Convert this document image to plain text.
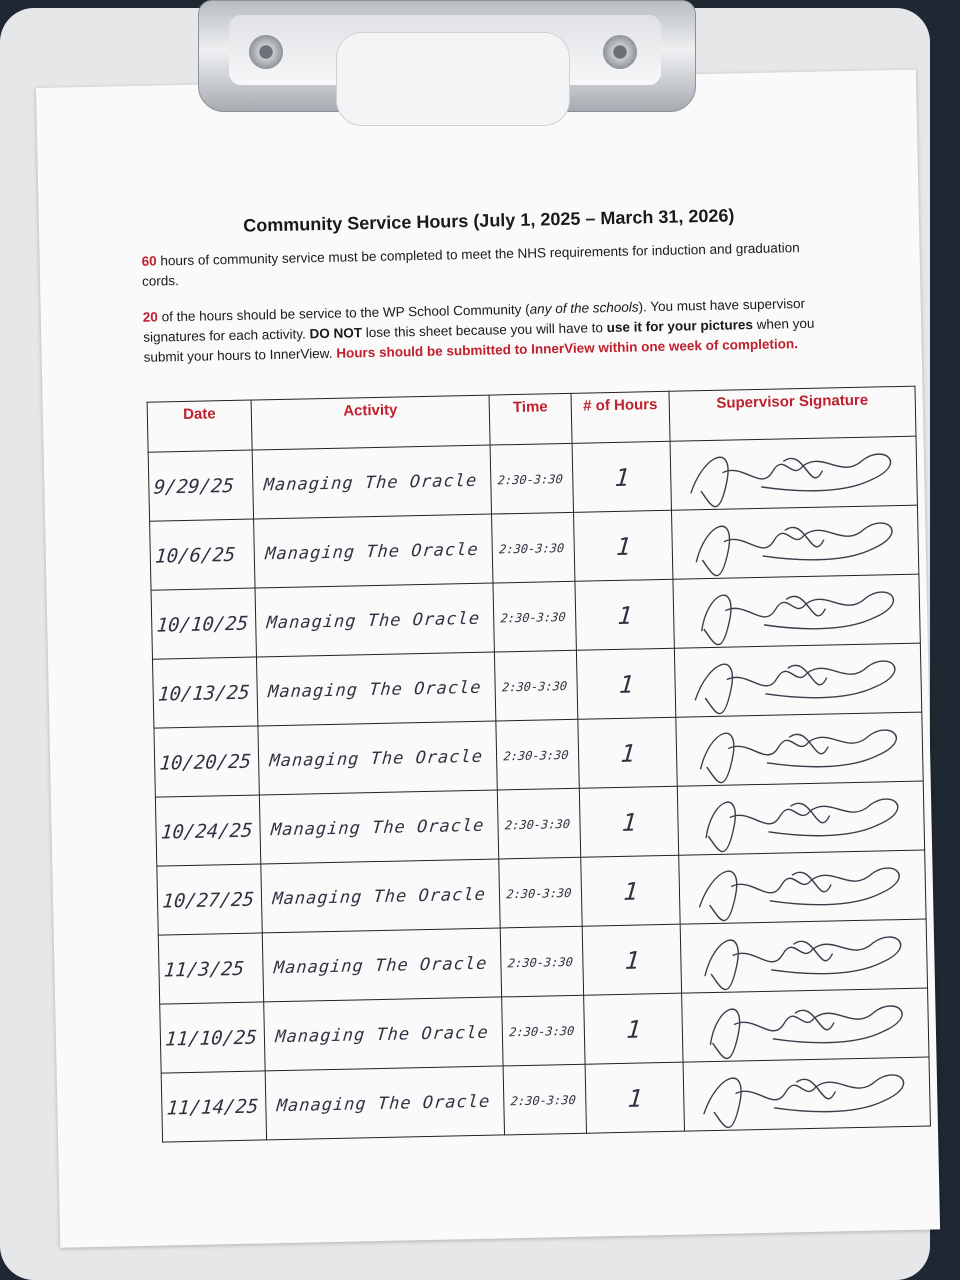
Community Service Hours (July 1, 2025 – March 31, 2026)
60 hours of community service must be completed to meet the NHS requirements for induction and graduation cords.
20 of the hours should be service to the WP School Community (any of the schools). You must have supervisor signatures for each activity. DO NOT lose this sheet because you will have to use it for your pictures when you submit your hours to InnerView. Hours should be submitted to InnerView within one week of completion.
Date	Activity	Time	# of Hours	Supervisor Signature
9/29/25	Managing The Oracle	2:30-3:30	1	

10/6/25	Managing The Oracle	2:30-3:30	1	

10/10/25	Managing The Oracle	2:30-3:30	1	

10/13/25	Managing The Oracle	2:30-3:30	1	

10/20/25	Managing The Oracle	2:30-3:30	1	

10/24/25	Managing The Oracle	2:30-3:30	1	

10/27/25	Managing The Oracle	2:30-3:30	1	

11/3/25	Managing The Oracle	2:30-3:30	1	

11/10/25	Managing The Oracle	2:30-3:30	1	

11/14/25	Managing The Oracle	2:30-3:30	1	
